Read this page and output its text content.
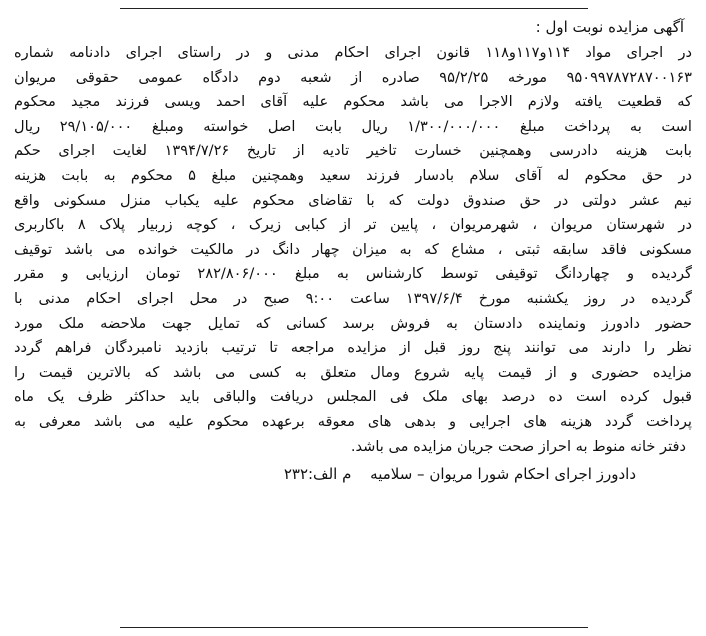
آگهی مزایده نوبت اول :
در اجرای مواد ۱۱۴و۱۱۷و۱۱۸ قانون اجرای احکام مدنی و در راستای اجرای دادنامه شماره
۹۵۰۹۹۷۸۷۲۸۷۰۰۱۶۳ مورخه ۹۵/۲/۲۵ صادره از شعبه دوم دادگاه عمومی حقوقی مریوان
که قطعیت یافته ولازم الاجرا می باشد محکوم علیه آقای احمد ویسی فرزند مجید محکوم
است به پرداخت مبلغ ۱/۳۰۰/۰۰۰/۰۰۰ ریال بابت اصل خواسته ومبلغ ۲۹/۱۰۵/۰۰۰ ریال
بابت هزینه دادرسی وهمچنین خسارت تاخیر تادیه از تاریخ ۱۳۹۴/۷/۲۶ لغایت اجرای حکم
در حق محکوم له آقای سلام بادسار فرزند سعید وهمچنین مبلغ ۵ محکوم به بابت هزینه
نیم عشر دولتی در حق صندوق دولت که با تقاضای محکوم علیه یکباب منزل مسکونی واقع
در شهرستان مریوان ، شهرمریوان ، پایین تر از کبابی زیرک ، کوچه زربیار پلاک ۸ باکاربری
مسکونی فاقد سابقه ثبتی ، مشاع که به میزان چهار دانگ در مالکیت خوانده می باشد توقیف
گردیده و چهاردانگ توقیفی توسط کارشناس به مبلغ ۲۸۲/۸۰۶/۰۰۰ تومان ارزیابی و مقرر
گردیده در روز یکشنبه مورخ ۱۳۹۷/۶/۴ ساعت ۹:۰۰ صبح در محل اجرای احکام مدنی با
حضور دادورز ونماینده دادستان به فروش برسد کسانی که تمایل جهت ملاحضه ملک مورد
نظر را دارند می توانند پنج روز قبل از مزایده مراجعه تا ترتیب بازدید نامبردگان فراهم گردد
مزایده حضوری و از قیمت پایه شروع ومال متعلق به کسی می باشد که بالاترین قیمت را
قبول کرده است ده درصد بهای ملک فی المجلس دریافت والباقی باید حداکثر ظرف یک ماه
پرداخت گردد هزینه های اجرایی و بدهی های معوقه برعهده محکوم علیه می باشد معرفی به
دفتر خانه منوط به احراز صحت جریان مزایده می باشد.
دادورز اجرای احکام شورا مریوان – سلامیه م الف:۲۳۲
